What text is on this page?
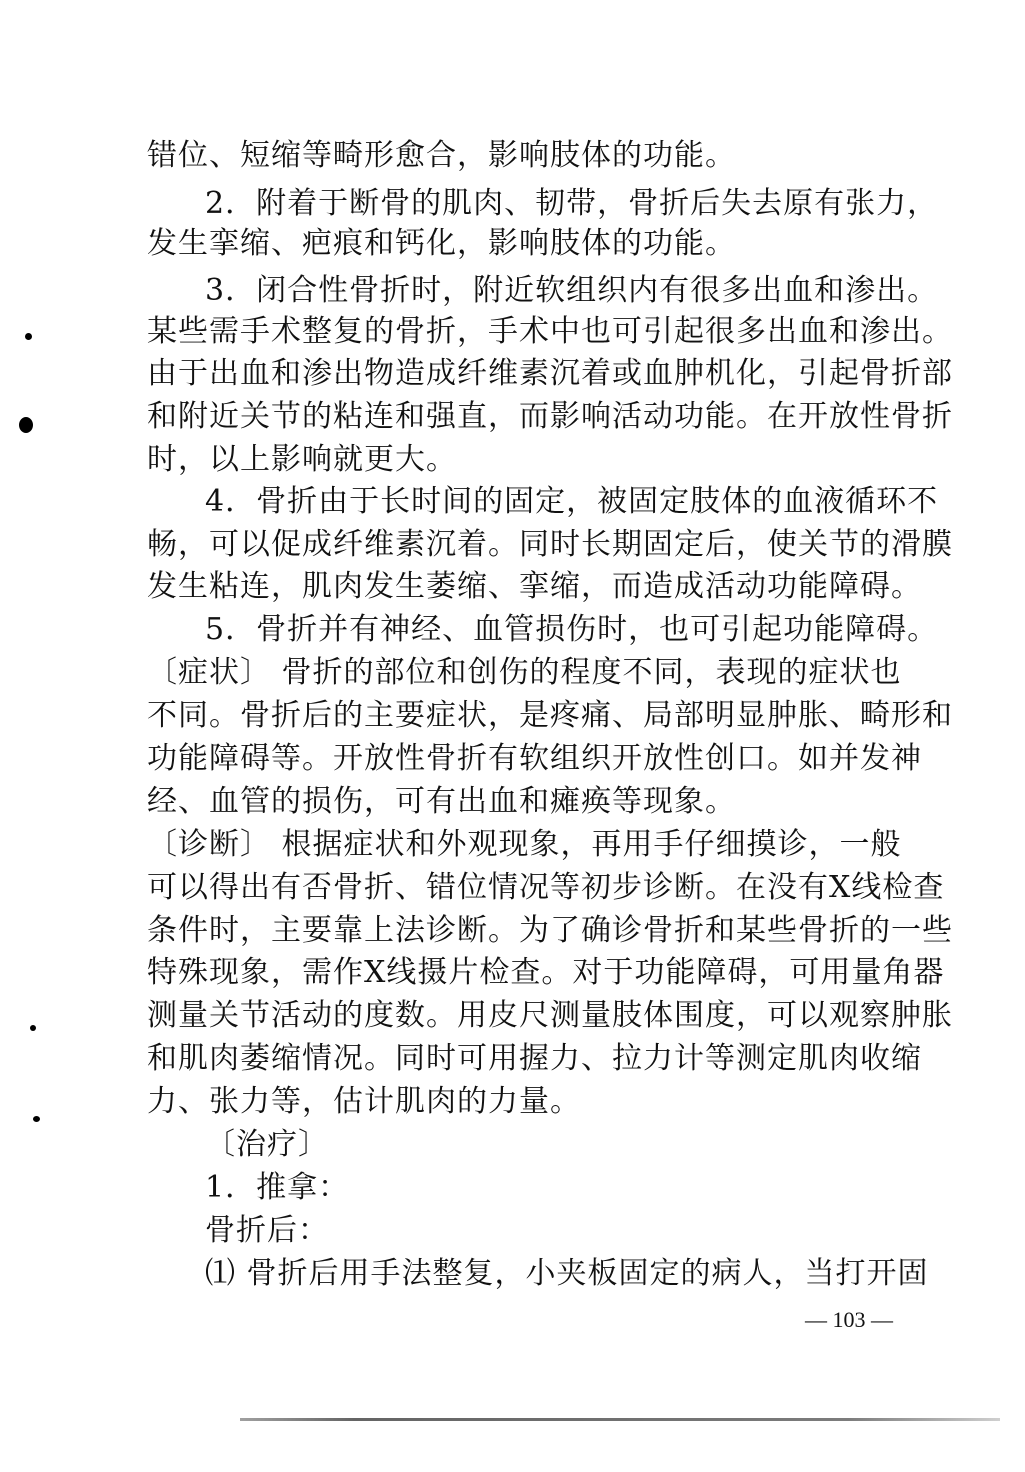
错位、短缩等畸形愈合，影响肢体的功能。
2．附着于断骨的肌肉、韧带，骨折后失去原有张力，
发生挛缩、疤痕和钙化，影响肢体的功能。
3．闭合性骨折时，附近软组织内有很多出血和渗出。
某些需手术整复的骨折，手术中也可引起很多出血和渗出。
由于出血和渗出物造成纤维素沉着或血肿机化，引起骨折部
和附近关节的粘连和强直，而影响活动功能。在开放性骨折
时，以上影响就更大。
4．骨折由于长时间的固定，被固定肢体的血液循环不
畅，可以促成纤维素沉着。同时长期固定后，使关节的滑膜
发生粘连，肌肉发生萎缩、挛缩，而造成活动功能障碍。
5．骨折并有神经、血管损伤时，也可引起功能障碍。
〔症状〕 骨折的部位和创伤的程度不同，表现的症状也
不同。骨折后的主要症状，是疼痛、局部明显肿胀、畸形和
功能障碍等。开放性骨折有软组织开放性创口。如并发神
经、血管的损伤，可有出血和瘫痪等现象。
〔诊断〕 根据症状和外观现象，再用手仔细摸诊，一般
可以得出有否骨折、错位情况等初步诊断。在没有X线检查
条件时，主要靠上法诊断。为了确诊骨折和某些骨折的一些
特殊现象，需作X线摄片检查。对于功能障碍，可用量角器
测量关节活动的度数。用皮尺测量肢体围度，可以观察肿胀
和肌肉萎缩情况。同时可用握力、拉力计等测定肌肉收缩
力、张力等，估计肌肉的力量。
〔治疗〕
1．推拿：
骨折后：
⑴ 骨折后用手法整复，小夹板固定的病人，当打开固
— 103 —
